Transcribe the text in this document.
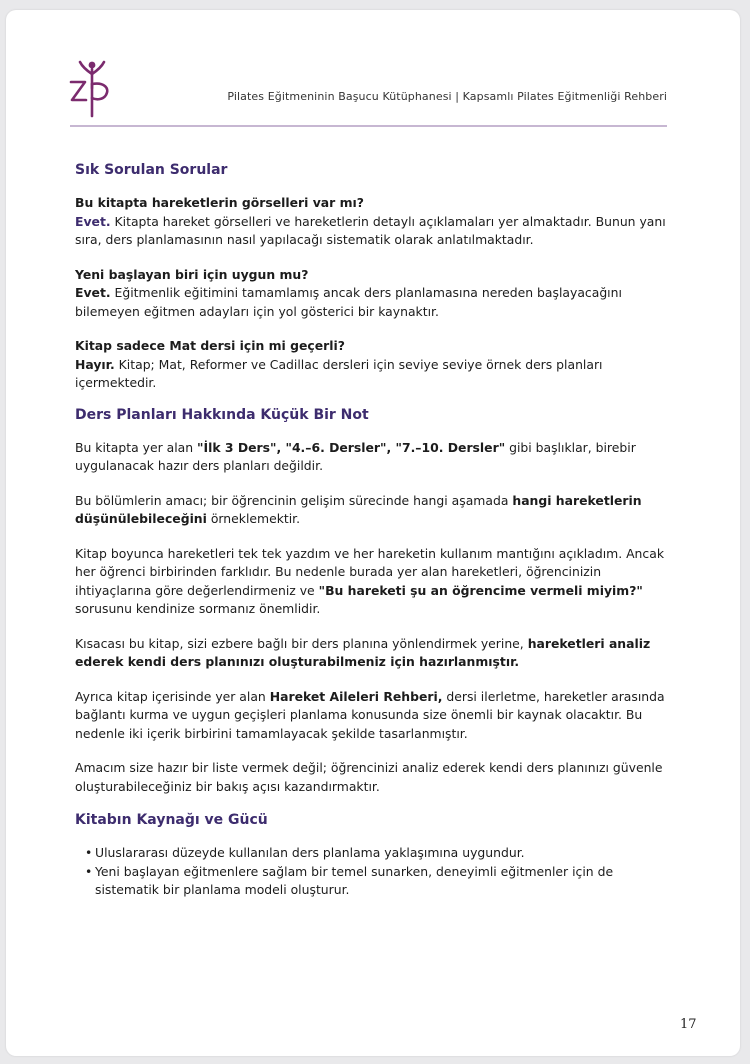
Pilates Eğitmeninin Başucu Kütüphanesi | Kapsamlı Pilates Eğitmenliği Rehberi
Sık Sorulan Sorular
Bu kitapta hareketlerin görselleri var mı?
Evet. Kitapta hareket görselleri ve hareketlerin detaylı açıklamaları yer almaktadır. Bunun yanı sıra, ders planlamasının nasıl yapılacağı sistematik olarak anlatılmaktadır.
Yeni başlayan biri için uygun mu?
Evet. Eğitmenlik eğitimini tamamlamış ancak ders planlamasına nereden başlayacağını bilemeyen eğitmen adayları için yol gösterici bir kaynaktır.
Kitap sadece Mat dersi için mi geçerli?
Hayır. Kitap; Mat, Reformer ve Cadillac dersleri için seviye seviye örnek ders planları içermektedir.
Ders Planları Hakkında Küçük Bir Not

Bu kitapta yer alan "İlk 3 Ders", "4.–6. Dersler", "7.–10. Dersler" gibi başlıklar, birebir uygulanacak hazır ders planları değildir.

Bu bölümlerin amacı; bir öğrencinin gelişim sürecinde hangi aşamada hangi hareketlerin düşünülebileceğini örneklemektir.

Kitap boyunca hareketleri tek tek yazdım ve her hareketin kullanım mantığını açıkladım. Ancak her öğrenci birbirinden farklıdır. Bu nedenle burada yer alan hareketleri, öğrencinizin ihtiyaçlarına göre değerlendirmeniz ve "Bu hareketi şu an öğrencime vermeli miyim?" sorusunu kendinize sormanız önemlidir.

Kısacası bu kitap, sizi ezbere bağlı bir ders planına yönlendirmek yerine, hareketleri analiz ederek kendi ders planınızı oluşturabilmeniz için hazırlanmıştır.

Ayrıca kitap içerisinde yer alan Hareket Aileleri Rehberi, dersi ilerletme, hareketler arasında bağlantı kurma ve uygun geçişleri planlama konusunda size önemli bir kaynak olacaktır. Bu nedenle iki içerik birbirini tamamlayacak şekilde tasarlanmıştır.

Amacım size hazır bir liste vermek değil; öğrencinizi analiz ederek kendi ders planınızı güvenle oluşturabileceğiniz bir bakış açısı kazandırmaktır.

Kitabın Kaynağı ve Gücü
• Uluslararası düzeyde kullanılan ders planlama yaklaşımına uygundur.
• Yeni başlayan eğitmenlere sağlam bir temel sunarken, deneyimli eğitmenler için de sistematik bir planlama modeli oluşturur.
17
